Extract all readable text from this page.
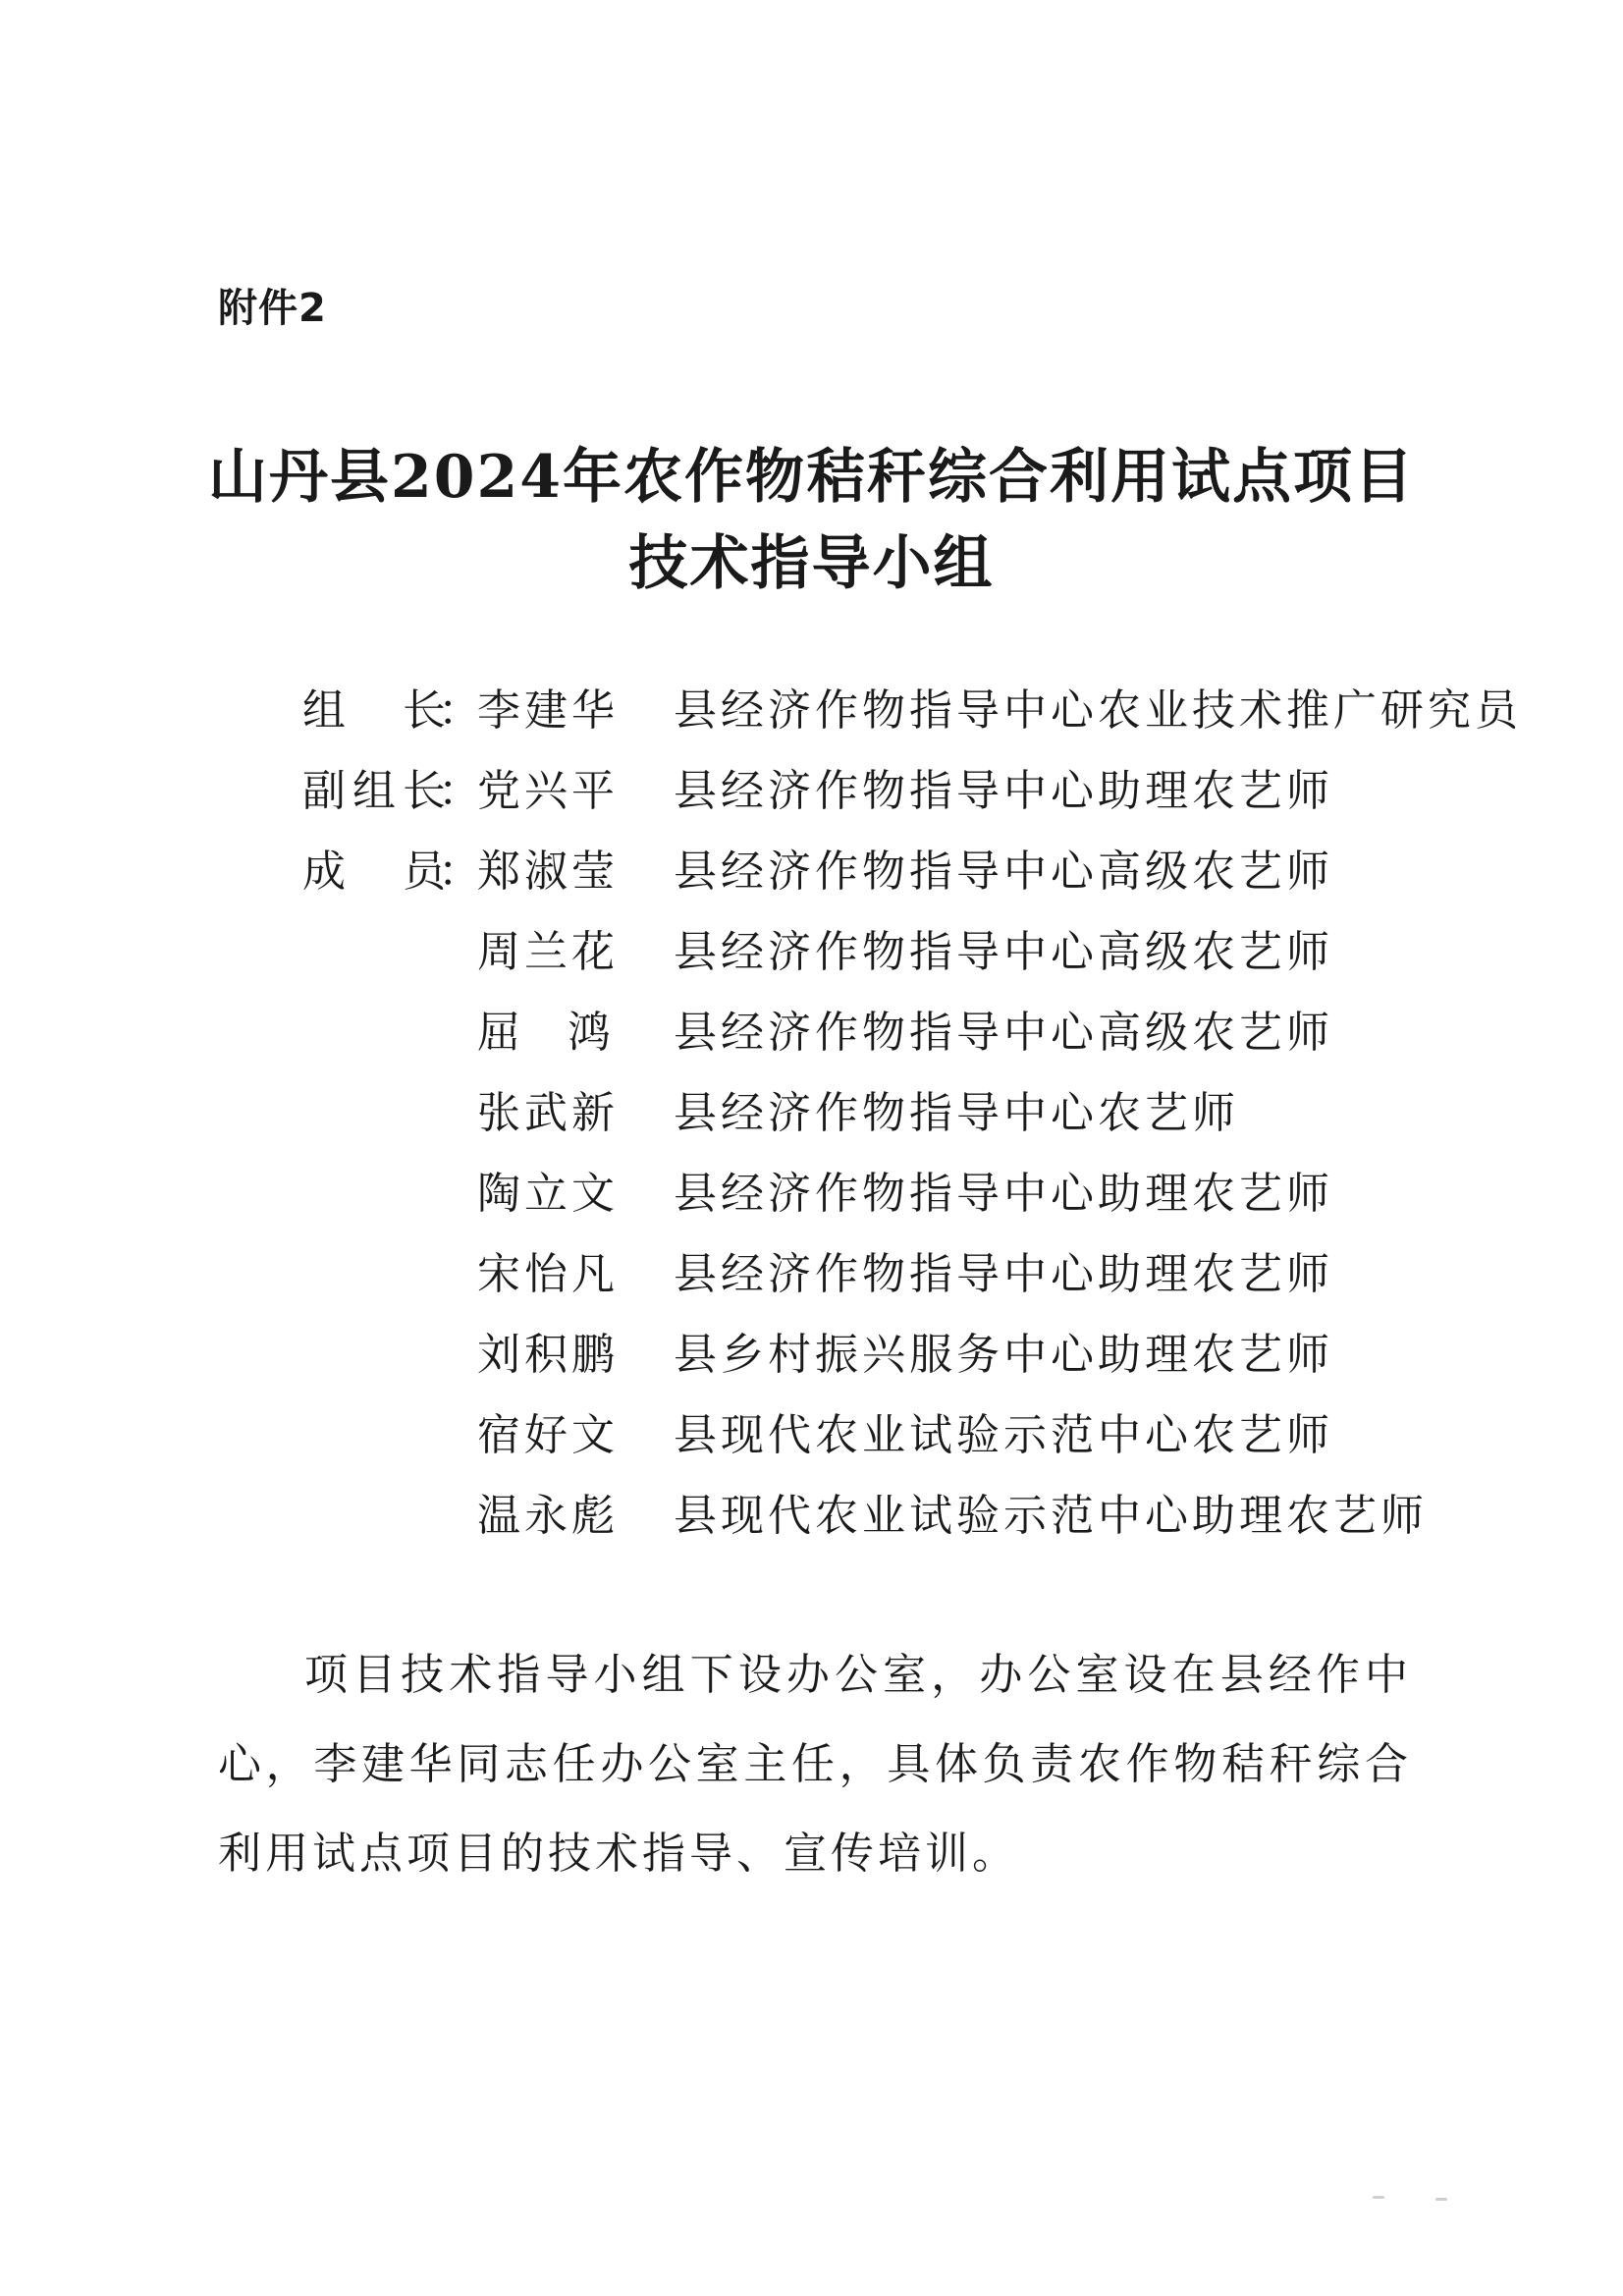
附件2
山丹县2024年农作物秸秆综合利用试点项目
技术指导小组
组长
：
李建华 县经济作物指导中心农业技术推广研究员
副组长
：
党兴平 县经济作物指导中心助理农艺师
成员
：
郑淑莹 县经济作物指导中心高级农艺师
周兰花 县经济作物指导中心高级农艺师
屈鸿 县经济作物指导中心高级农艺师
张武新 县经济作物指导中心农艺师
陶立文 县经济作物指导中心助理农艺师
宋怡凡 县经济作物指导中心助理农艺师
刘积鹏 县乡村振兴服务中心助理农艺师
宿好文 县现代农业试验示范中心农艺师
温永彪 县现代农业试验示范中心助理农艺师
项目技术指导小组下设办公室，办公室设在县经作中心，李建华同志任办公室主任，具体负责农作物秸秆综合利用试点项目的技术指导、宣传培训。
